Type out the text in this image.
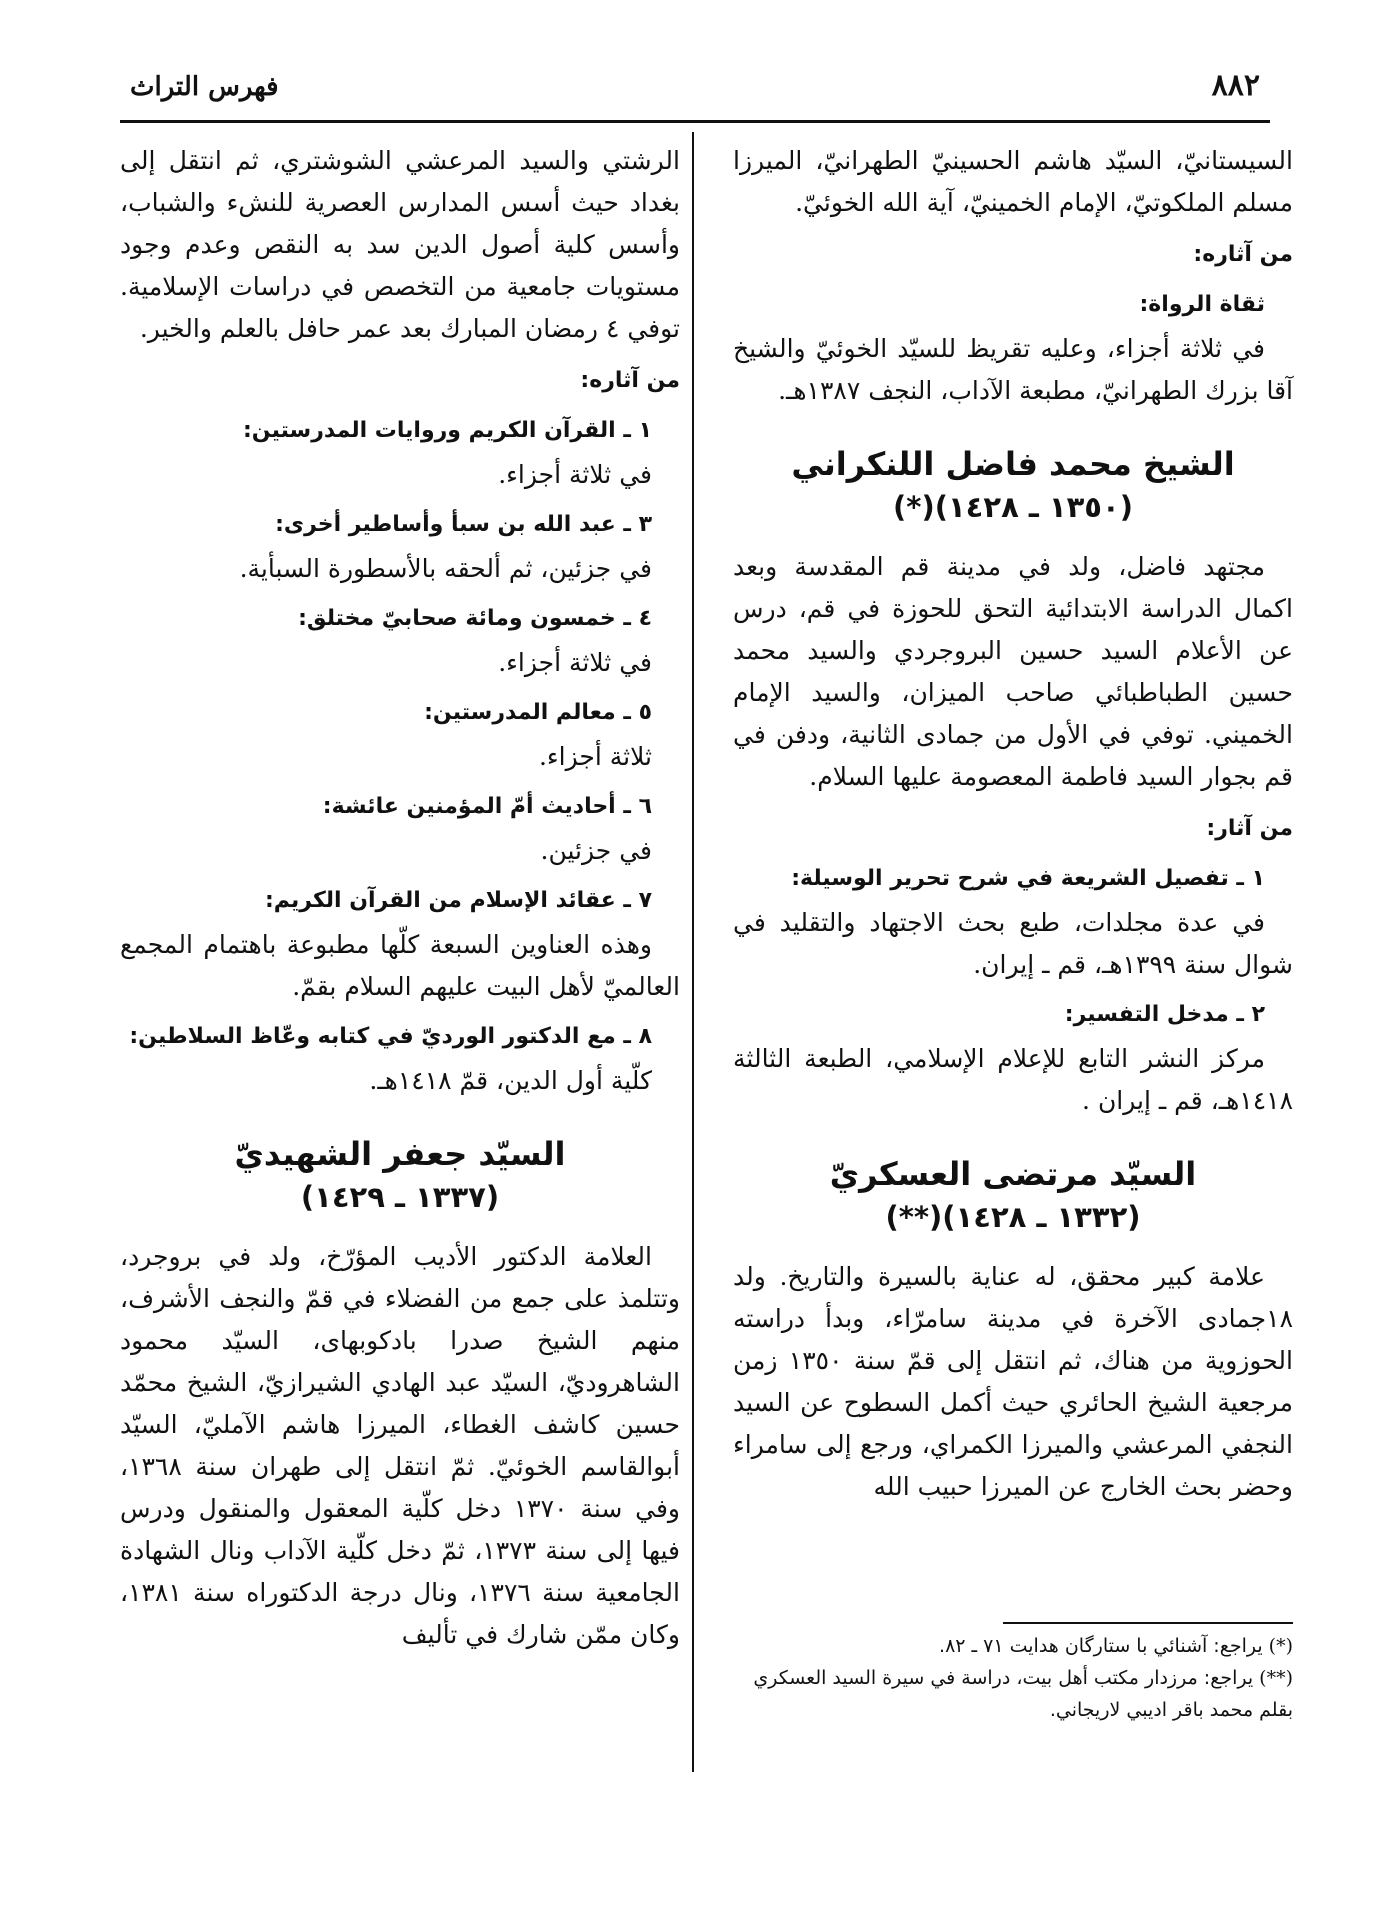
٨٨٢
فهرس التراث

السيستانيّ، السيّد هاشم الحسينيّ الطهرانيّ، الميرزا مسلم الملكوتيّ، الإمام الخمينيّ، آية الله الخوئيّ.

من آثاره:
ثقاة الرواة:

في ثلاثة أجزاء، وعليه تقريظ للسيّد الخوئيّ والشيخ آقا بزرك الطهرانيّ، مطبعة الآداب، النجف ١٣٨٧هـ.

الشيخ محمد فاضل اللنكراني
(١٣٥٠ ـ ١٤٢٨)(*)

مجتهد فاضل، ولد في مدينة قم المقدسة وبعد اكمال الدراسة الابتدائية التحق للحوزة في قم، درس عن الأعلام السيد حسين البروجردي والسيد محمد حسين الطباطبائي صاحب الميزان، والسيد الإمام الخميني. توفي في الأول من جمادى الثانية، ودفن في قم بجوار السيد فاطمة المعصومة عليها السلام.

من آثار:
١ ـ تفصيل الشريعة في شرح تحرير الوسيلة:

في عدة مجلدات، طبع بحث الاجتهاد والتقليد في شوال سنة ١٣٩٩هـ، قم ـ إيران.

٢ ـ مدخل التفسير:

مركز النشر التابع للإعلام الإسلامي، الطبعة الثالثة ١٤١٨هـ، قم ـ إيران .

السيّد مرتضى العسكريّ
(١٣٣٢ ـ ١٤٢٨)(**)

علامة كبير محقق، له عناية بالسيرة والتاريخ. ولد ١٨جمادى الآخرة في مدينة سامرّاء، وبدأ دراسته الحوزوية من هناك، ثم انتقل إلى قمّ سنة ١٣٥٠ زمن مرجعية الشيخ الحائري حيث أكمل السطوح عن السيد النجفي المرعشي والميرزا الكمراي، ورجع إلى سامراء وحضر بحث الخارج عن الميرزا حبيب الله

(*) يراجع: آشنائي با ستارگان هدايت ٧١ ـ ٨٢.

(**) يراجع: مرزدار مكتب أهل بيت، دراسة في سيرة السيد العسكري بقلم محمد باقر اديبي لاريجاني.

الرشتي والسيد المرعشي الشوشتري، ثم انتقل إلى بغداد حيث أسس المدارس العصرية للنشء والشباب، وأسس كلية أصول الدين سد به النقص وعدم وجود مستويات جامعية من التخصص في دراسات الإسلامية. توفي ٤ رمضان المبارك بعد عمر حافل بالعلم والخير.

من آثاره:
١ ـ القرآن الكريم وروايات المدرستين:

في ثلاثة أجزاء.

٣ ـ عبد الله بن سبأ وأساطير أخرى:

في جزئين، ثم ألحقه بالأسطورة السبأية.

٤ ـ خمسون ومائة صحابيّ مختلق:

في ثلاثة أجزاء.

٥ ـ معالم المدرستين:

ثلاثة أجزاء.

٦ ـ أحاديث أمّ المؤمنين عائشة:

في جزئين.

٧ ـ عقائد الإسلام من القرآن الكريم:

وهذه العناوين السبعة كلّها مطبوعة باهتمام المجمع العالميّ لأهل البيت عليهم السلام بقمّ.

٨ ـ مع الدكتور الورديّ في كتابه وعّاظ السلاطين:

كلّية أول الدين، قمّ ١٤١٨هـ.

السيّد جعفر الشهيديّ
(١٣٣٧ ـ ١٤٢٩)

العلامة الدكتور الأديب المؤرّخ، ولد في بروجرد، وتتلمذ على جمع من الفضلاء في قمّ والنجف الأشرف، منهم الشيخ صدرا بادكوبهاى، السيّد محمود الشاهروديّ، السيّد عبد الهادي الشيرازيّ، الشيخ محمّد حسين كاشف الغطاء، الميرزا هاشم الآمليّ، السيّد أبوالقاسم الخوئيّ. ثمّ انتقل إلى طهران سنة ١٣٦٨، وفي سنة ١٣٧٠ دخل كلّية المعقول والمنقول ودرس فيها إلى سنة ١٣٧٣، ثمّ دخل كلّية الآداب ونال الشهادة الجامعية سنة ١٣٧٦، ونال درجة الدكتوراه سنة ١٣٨١، وكان ممّن شارك في تأليف
